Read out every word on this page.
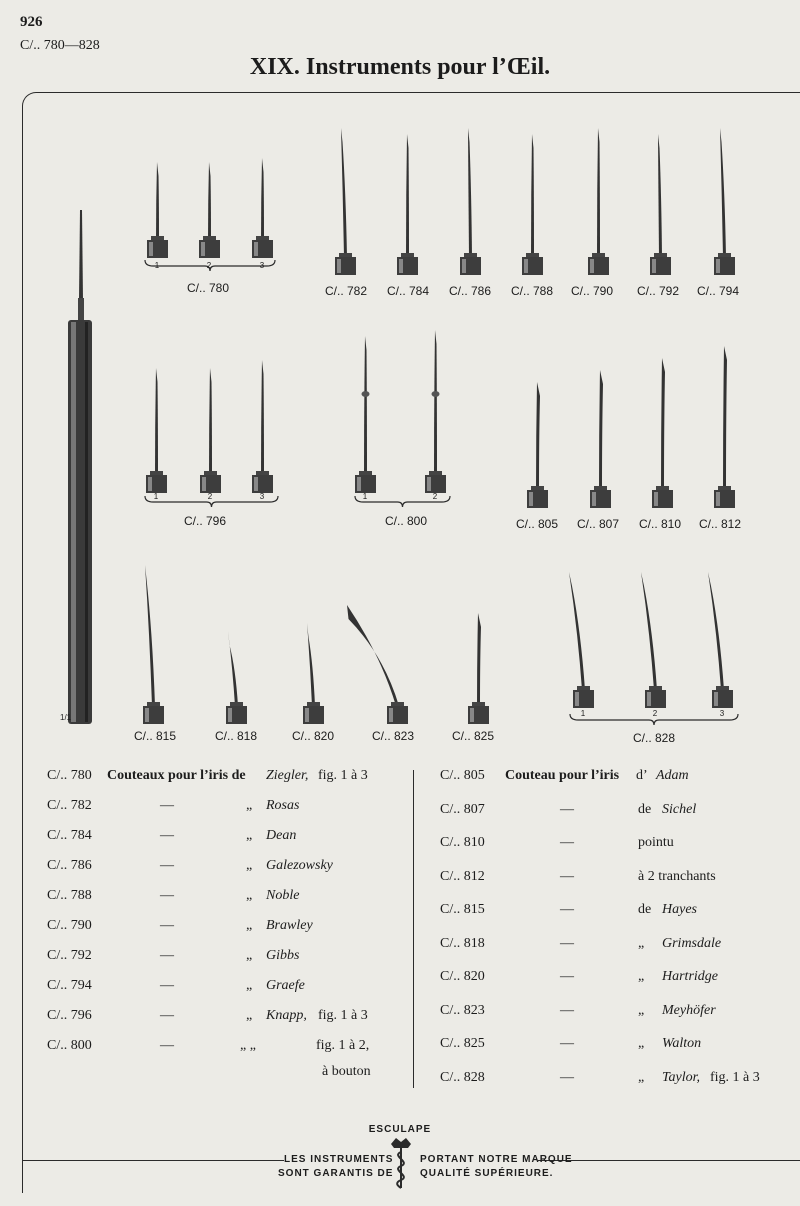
926
C/.. 780—828
XIX. Instruments pour l’Œil.
1/1
1	2	3
C/.. 780	C/.. 782 C/.. 784 C/.. 786 C/.. 788 C/.. 790 C/.. 792 C/.. 794
1	2	3
C/.. 796
1	2
C/.. 800	C/.. 805 C/.. 807 C/.. 810 C/.. 812
C/.. 815	C/.. 818	C/.. 820	C/.. 823	C/.. 825
1	2	3
C/.. 828
C/.. 780 Couteaux pour l’iris de Ziegler, fig. 1 à 3
C/.. 782	—	„ Rosas
C/.. 784	—	„ Dean
C/.. 786	—	„ Galezowsky
C/.. 788	—	„ Noble
C/.. 790	—	„ Brawley
C/.. 792	—	„ Gibbs
C/.. 794	—	„ Graefe
C/.. 796	—	„ Knapp, fig. 1 à 3
C/.. 800	—	„ „	fig. 1 à 2,
à bouton
C/.. 805 Couteau pour l’iris d’ Adam
C/.. 807	—	de Sichel
C/.. 810	—	pointu
C/.. 812	—	à 2 tranchants
C/.. 815	—	de Hayes
C/.. 818	—	„ Grimsdale
C/.. 820	—	„ Hartridge
C/.. 823	—	„ Meyhöfer
C/.. 825	—	„ Walton
C/.. 828	—	„ Taylor, fig. 1 à 3
ESCULAPE
LES INSTRUMENTS	PORTANT NOTRE MARQUE
SONT GARANTIS DE	QUALITÉ SUPÉRIEURE.
